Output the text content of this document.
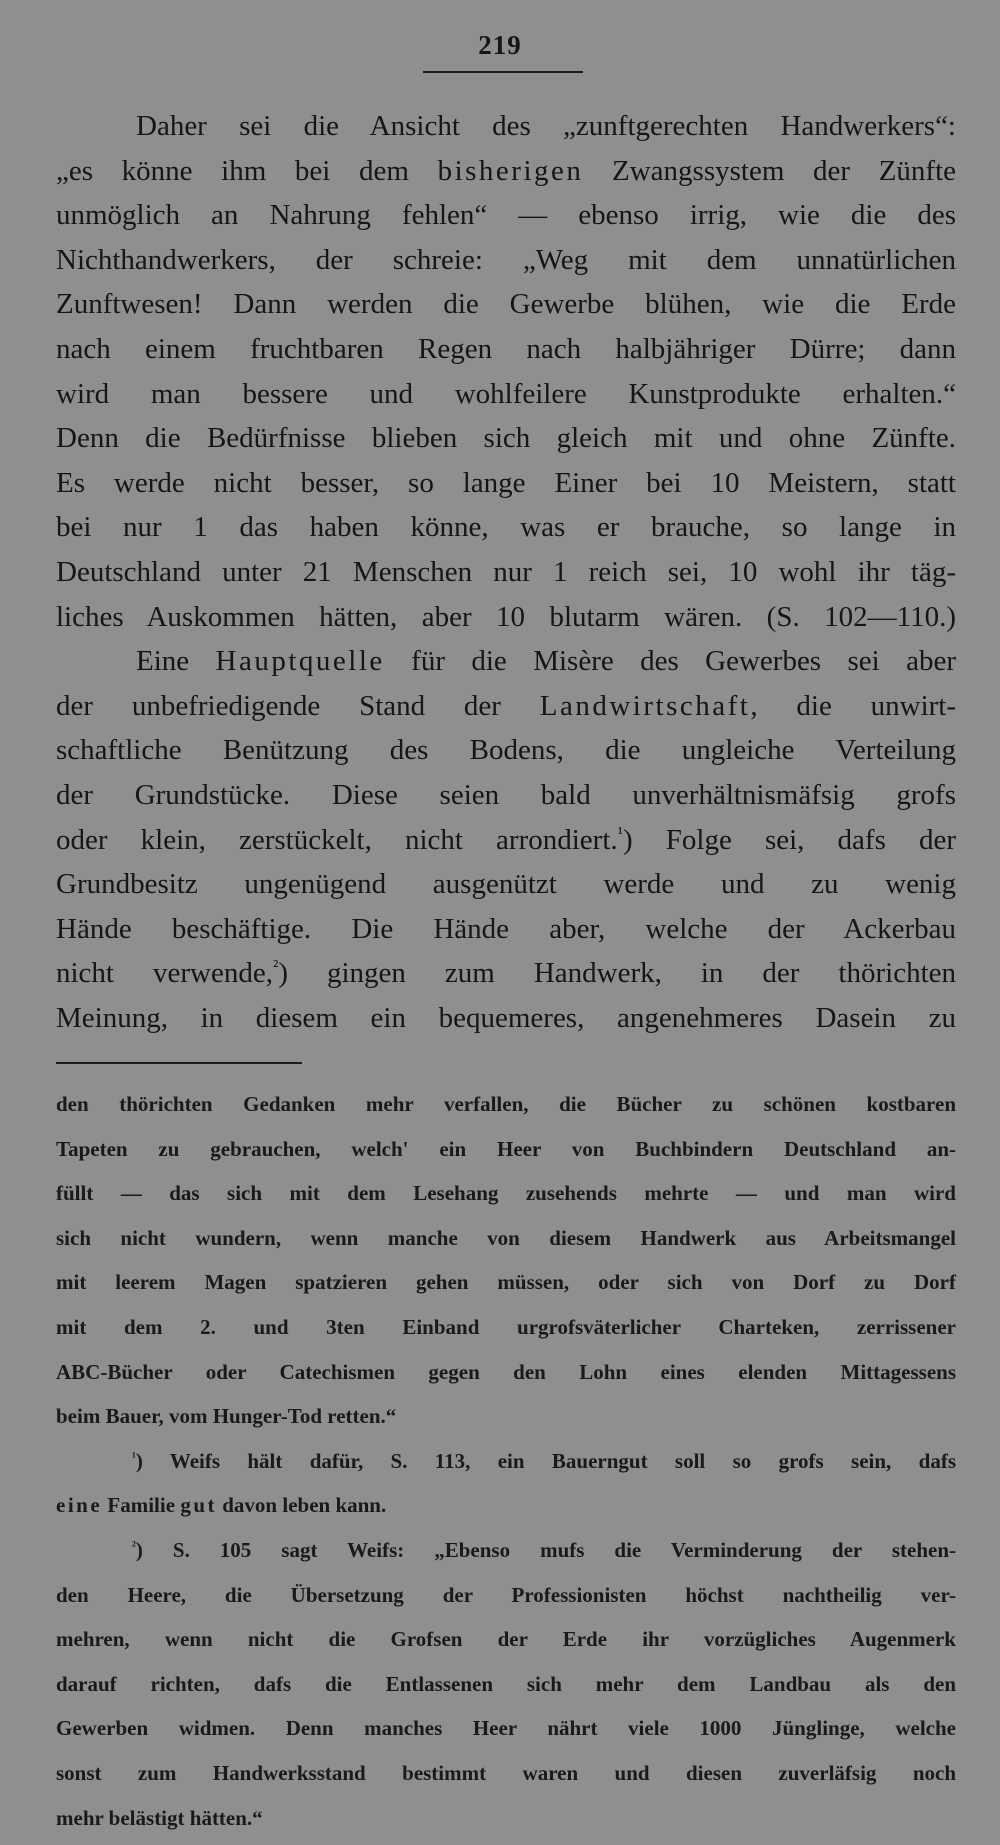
219
Daher sei die Ansicht des „zunftgerechten Handwerkers“:
„es könne ihm bei dem bisherigen Zwangssystem der Zünfte
unmöglich an Nahrung fehlen“ — ebenso irrig, wie die des
Nichthandwerkers, der schreie: „Weg mit dem unnatürlichen
Zunftwesen! Dann werden die Gewerbe blühen, wie die Erde
nach einem fruchtbaren Regen nach halbjähriger Dürre; dann
wird man bessere und wohlfeilere Kunstprodukte erhalten.“
Denn die Bedürfnisse blieben sich gleich mit und ohne Zünfte.
Es werde nicht besser, so lange Einer bei 10 Meistern, statt
bei nur 1 das haben könne, was er brauche, so lange in
Deutschland unter 21 Menschen nur 1 reich sei, 10 wohl ihr täg-
liches Auskommen hätten, aber 10 blutarm wären. (S. 102—110.)
Eine Hauptquelle für die Misère des Gewerbes sei aber
der unbefriedigende Stand der Landwirtschaft, die unwirt-
schaftliche Benützung des Bodens, die ungleiche Verteilung
der Grundstücke. Diese seien bald unverhältnismäfsig grofs
oder klein, zerstückelt, nicht arrondiert.$^{^1}$) Folge sei, dafs der
Grundbesitz ungenügend ausgenützt werde und zu wenig
Hände beschäftige. Die Hände aber, welche der Ackerbau
nicht verwende,$^{^2}$) gingen zum Handwerk, in der thörichten
Meinung, in diesem ein bequemeres, angenehmeres Dasein zu
den thörichten Gedanken mehr verfallen, die Bücher zu schönen kostbaren
Tapeten zu gebrauchen, welch' ein Heer von Buchbindern Deutschland an-
füllt — das sich mit dem Lesehang zusehends mehrte — und man wird
sich nicht wundern, wenn manche von diesem Handwerk aus Arbeitsmangel
mit leerem Magen spatzieren gehen müssen, oder sich von Dorf zu Dorf
mit dem 2. und 3ten Einband urgrofsväterlicher Charteken, zerrissener
ABC-Bücher oder Catechismen gegen den Lohn eines elenden Mittagessens
beim Bauer, vom Hunger-Tod retten.“
$^{^1}$) Weifs hält dafür, S. 113, ein Bauerngut soll so grofs sein, dafs
eine Familie gut davon leben kann.
$^{^2}$) S. 105 sagt Weifs: „Ebenso mufs die Verminderung der stehen-
den Heere, die Übersetzung der Professionisten höchst nachtheilig ver-
mehren, wenn nicht die Grofsen der Erde ihr vorzügliches Augenmerk
darauf richten, dafs die Entlassenen sich mehr dem Landbau als den
Gewerben widmen. Denn manches Heer nährt viele 1000 Jünglinge, welche
sonst zum Handwerksstand bestimmt waren und diesen zuverläfsig noch
mehr belästigt hätten.“
